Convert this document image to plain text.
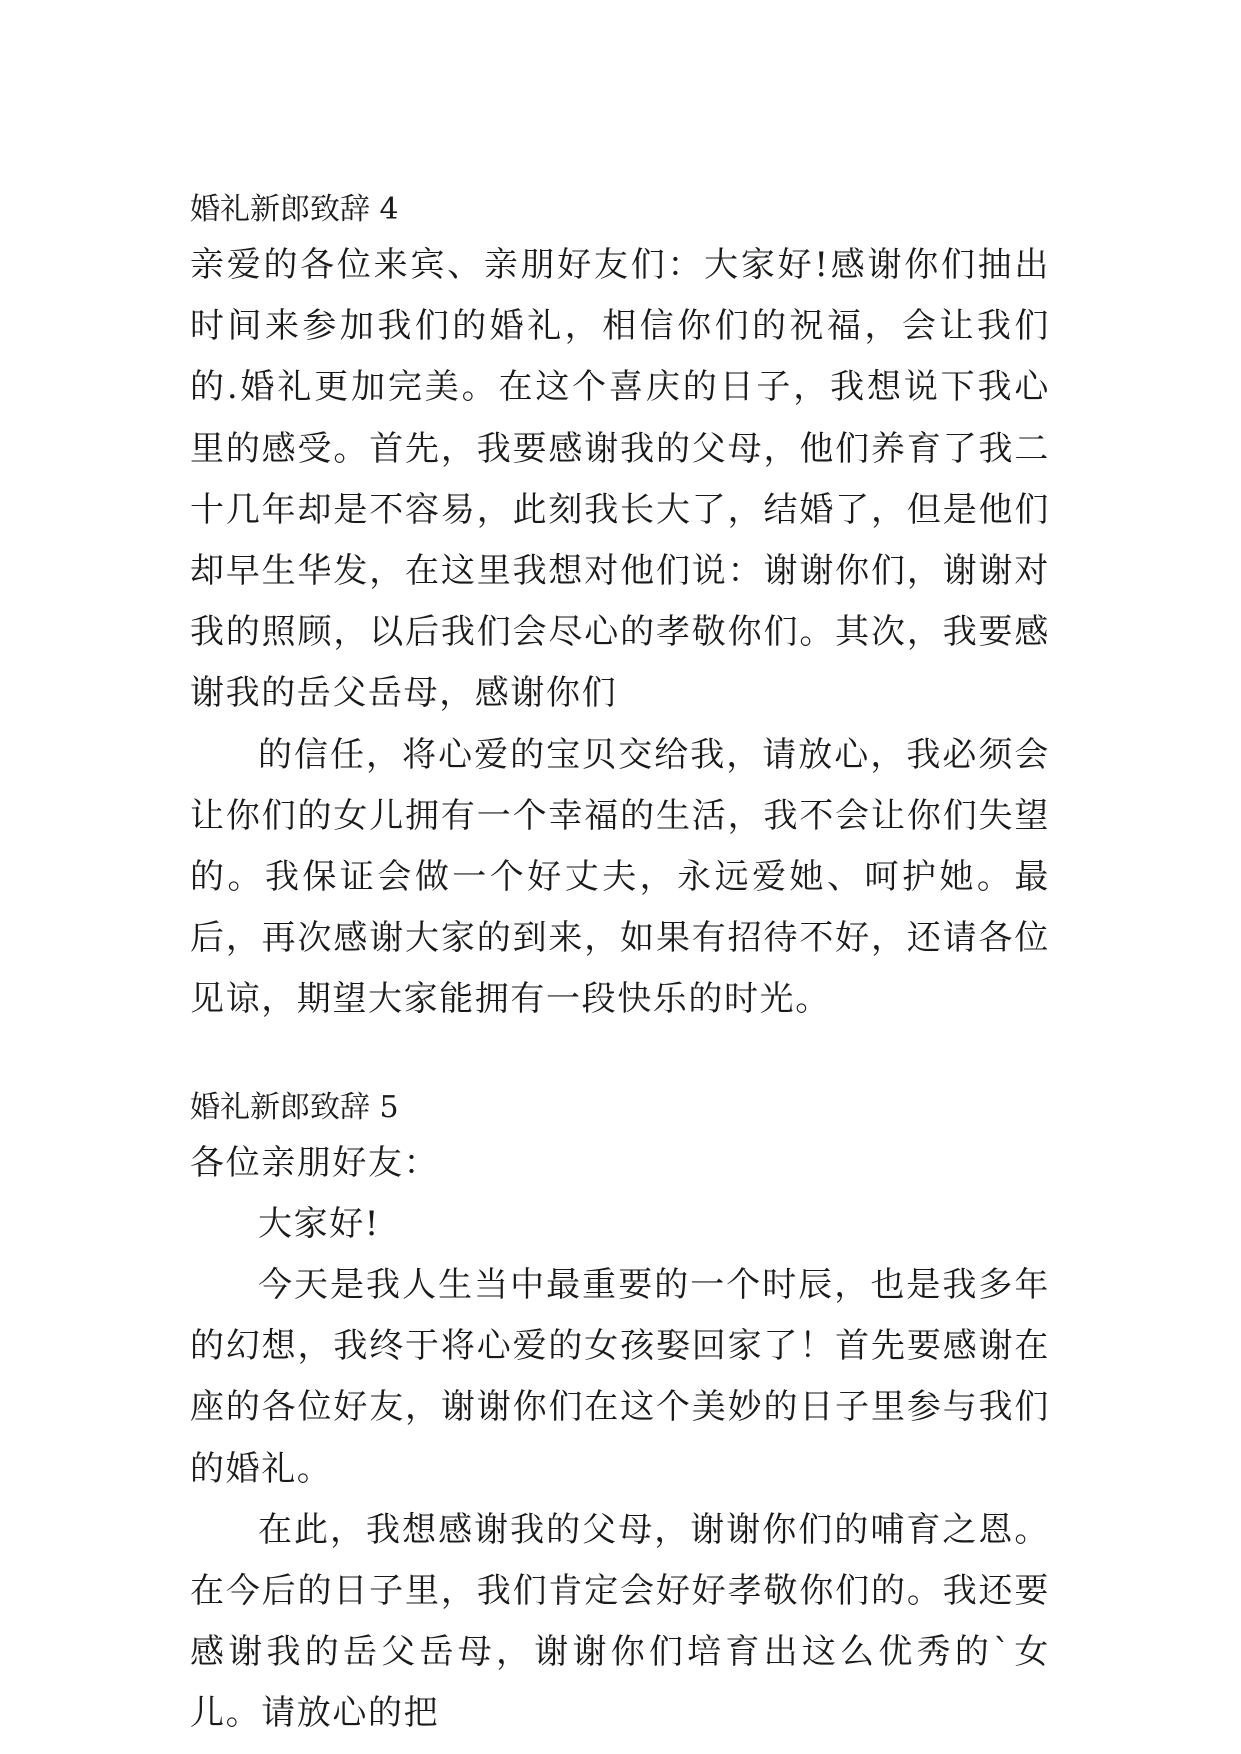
婚礼新郎致辞 4

亲爱的各位来宾、亲朋好友们：大家好!感谢你们抽出时间来参加我们的婚礼，相信你们的祝福，会让我们的.婚礼更加完美。在这个喜庆的日子，我想说下我心里的感受。首先，我要感谢我的父母，他们养育了我二十几年却是不容易，此刻我长大了，结婚了，但是他们却早生华发，在这里我想对他们说：谢谢你们，谢谢对我的照顾，以后我们会尽心的孝敬你们。其次，我要感谢我的岳父岳母，感谢你们

的信任，将心爱的宝贝交给我，请放心，我必须会让你们的女儿拥有一个幸福的生活，我不会让你们失望的。我保证会做一个好丈夫，永远爱她、呵护她。最后，再次感谢大家的到来，如果有招待不好，还请各位见谅，期望大家能拥有一段快乐的时光。

婚礼新郎致辞 5

各位亲朋好友：

大家好!

今天是我人生当中最重要的一个时辰，也是我多年的幻想，我终于将心爱的女孩娶回家了！首先要感谢在座的各位好友，谢谢你们在这个美妙的日子里参与我们的婚礼。

在此，我想感谢我的父母，谢谢你们的哺育之恩。在今后的日子里，我们肯定会好好孝敬你们的。我还要感谢我的岳父岳母，谢谢你们培育出这么优秀的`女儿。请放心的把
